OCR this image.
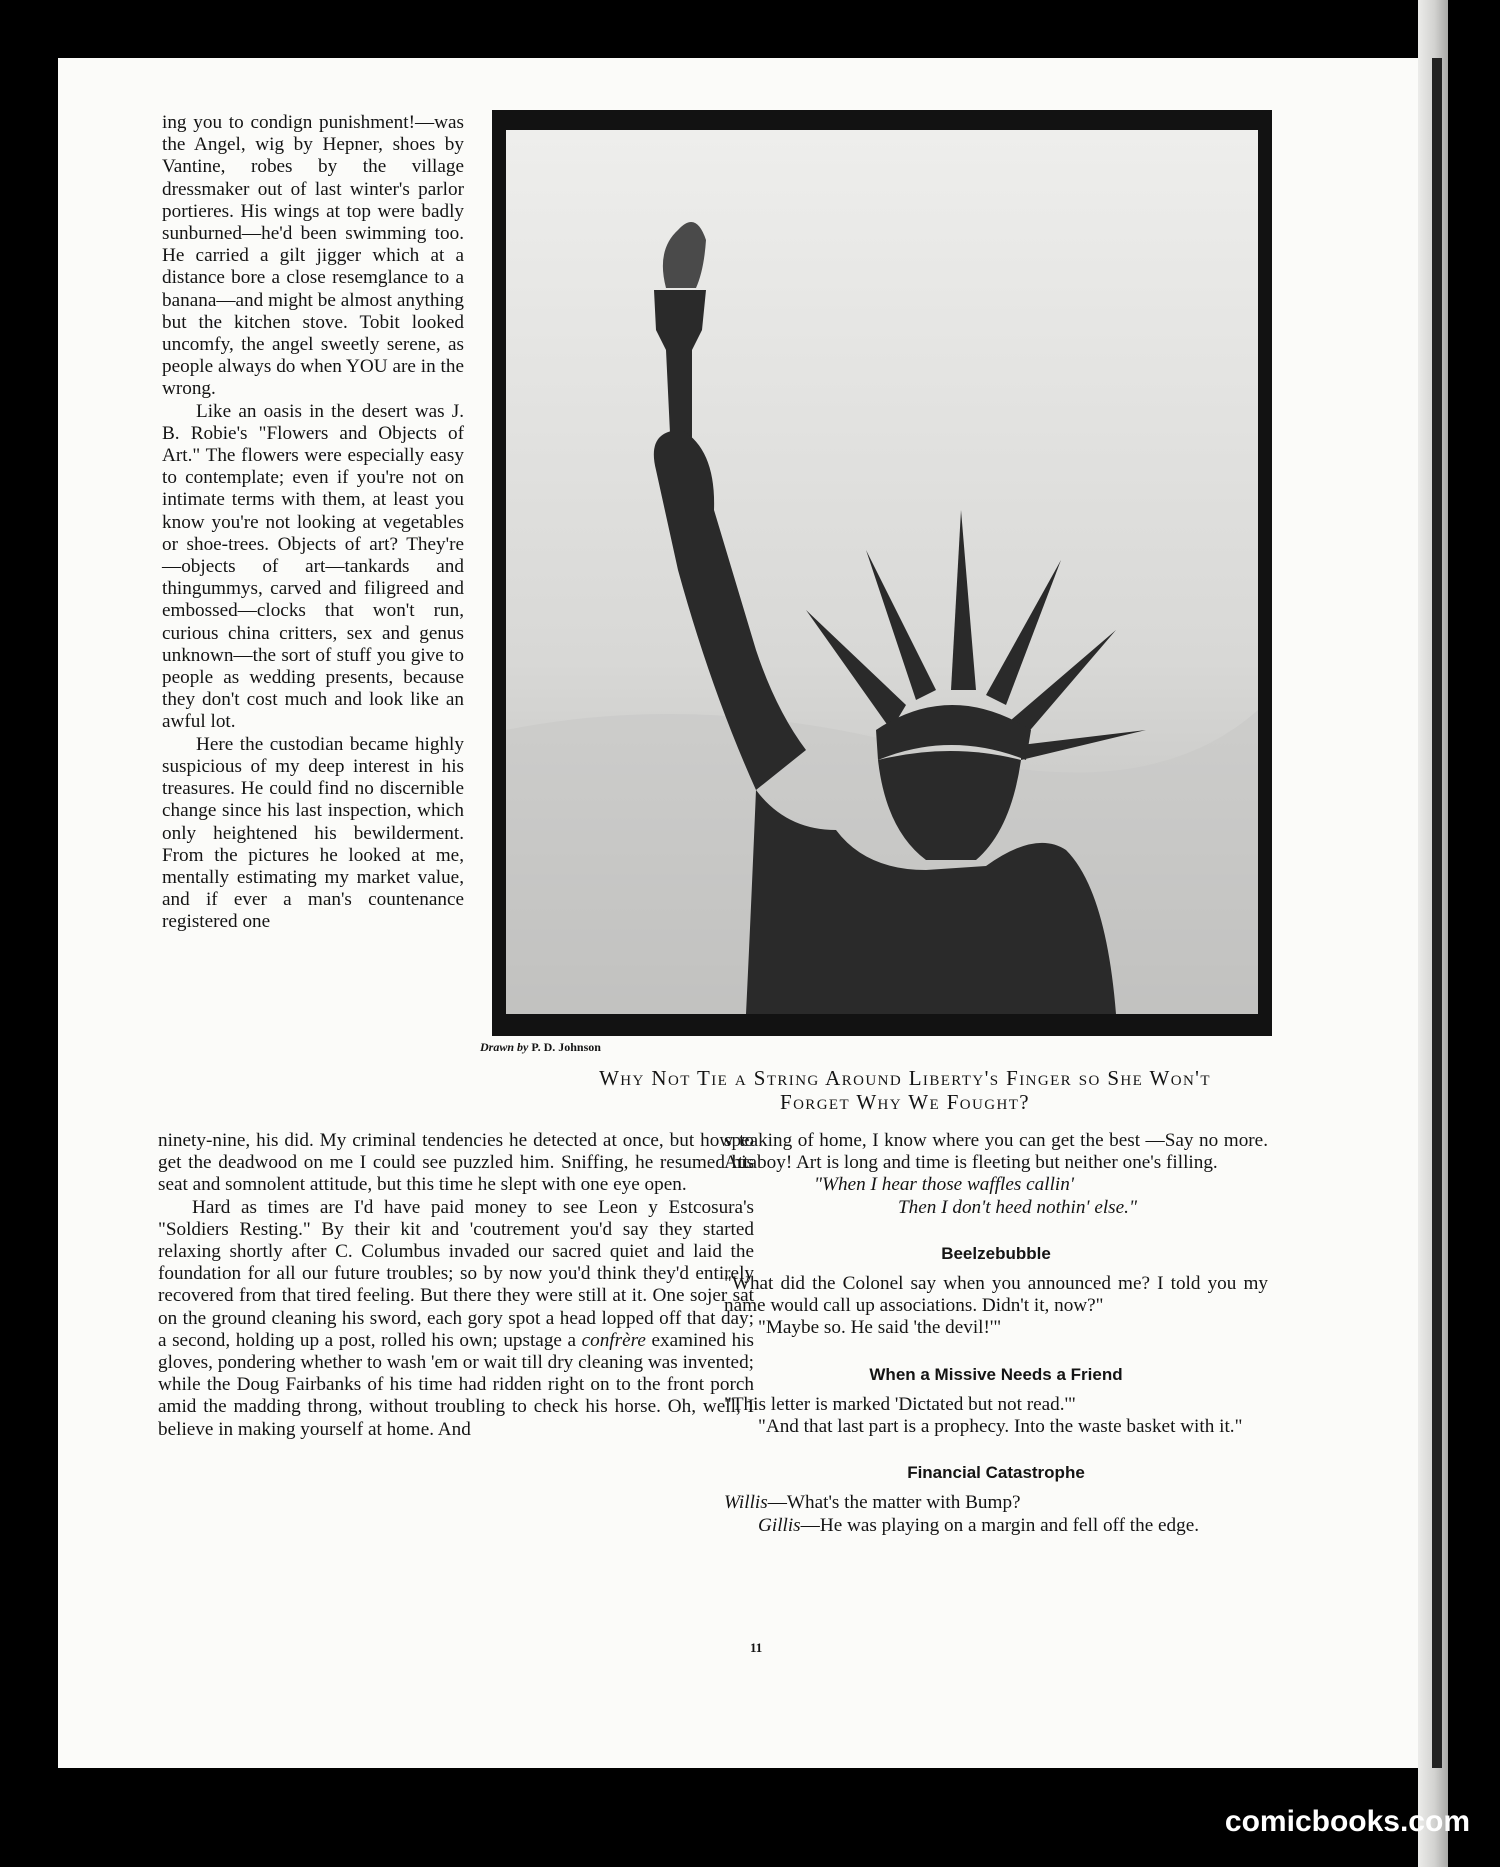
ing you to condign punishment!—was the Angel, wig by Hepner, shoes by Vantine, robes by the village dressmaker out of last winter's parlor portieres. His wings at top were badly sunburned—he'd been swimming too. He carried a gilt jigger which at a distance bore a close resemglance to a banana—and might be almost anything but the kitchen stove. Tobit looked uncomfy, the angel sweetly serene, as people always do when YOU are in the wrong.

Like an oasis in the desert was J. B. Robie's "Flowers and Objects of Art." The flowers were especially easy to contemplate; even if you're not on intimate terms with them, at least you know you're not looking at vegetables or shoe-trees. Objects of art? They're—objects of art—tankards and thingummys, carved and filigreed and embossed—clocks that won't run, curious china critters, sex and genus unknown—the sort of stuff you give to people as wedding presents, because they don't cost much and look like an awful lot.

Here the custodian became highly suspicious of my deep interest in his treasures. He could find no discernible change since his last inspection, which only heightened his bewilderment. From the pictures he looked at me, mentally estimating my market value, and if ever a man's countenance registered one

Drawn by P. D. Johnson
Why Not Tie a String Around Liberty's Finger so She Won't
Forget Why We Fought?

ninety-nine, his did. My criminal tendencies he detected at once, but how to get the deadwood on me I could see puzzled him. Sniffing, he resumed his seat and somnolent attitude, but this time he slept with one eye open.

Hard as times are I'd have paid money to see Leon y Estcosura's "Soldiers Resting." By their kit and 'coutrement you'd say they started relaxing shortly after C. Columbus invaded our sacred quiet and laid the foundation for all our future troubles; so by now you'd think they'd entirely recovered from that tired feeling. But there they were still at it. One sojer sat on the ground cleaning his sword, each gory spot a head lopped off that day; a second, holding up a post, rolled his own; upstage a confrère examined his gloves, pondering whether to wash 'em or wait till dry cleaning was invented; while the Doug Fairbanks of his time had ridden right on to the front porch amid the madding throng, without troubling to check his horse. Oh, well, I believe in making yourself at home. And

speaking of home, I know where you can get the best —Say no more. Attaboy! Art is long and time is fleeting but neither one's filling.

"When I hear those waffles callin'
Then I don't heed nothin' else."
Beelzebubble

"What did the Colonel say when you announced me? I told you my name would call up associations. Didn't it, now?"

"Maybe so. He said 'the devil!'"

When a Missive Needs a Friend

"This letter is marked 'Dictated but not read.'"

"And that last part is a prophecy. Into the waste basket with it."

Financial Catastrophe

Willis—What's the matter with Bump?

Gillis—He was playing on a margin and fell off the edge.

11
comicbooks.com
